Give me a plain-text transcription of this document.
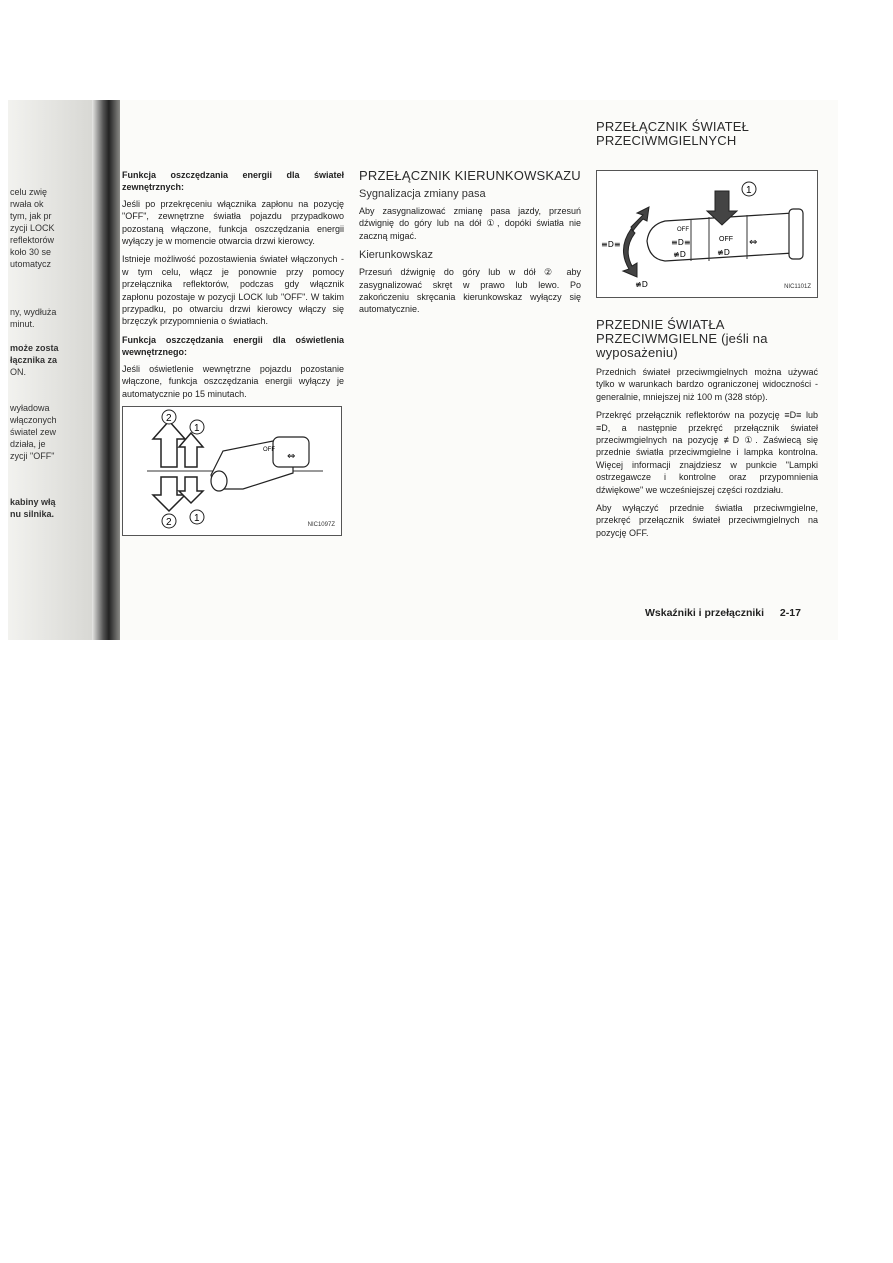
celu zwię
rwała ok
tym, jak pr
zycji LOCK
reflektorów
koło 30 se
utomatycz
ny, wydłuża
minut.
może zosta
łącznika za
ON.
wyładowa
włączonych
światel zew
działa, je
zycji "OFF"
kabiny włą
nu silnika.

Funkcja oszczędzania energii dla świateł zewnętrznych:

Jeśli po przekręceniu włącznika zapłonu na pozycję "OFF", zewnętrzne światła pojazdu przypadkowo pozostaną włączone, funkcja oszczędzania energii wyłączy je w momencie otwarcia drzwi kierowcy.

Istnieje możliwość pozostawienia świateł włączonych - w tym celu, włącz je ponownie przy pomocy przełącznika reflektorów, podczas gdy włącznik zapłonu pozostaje w pozycji LOCK lub "OFF". W takim przypadku, po otwarciu drzwi kierowcy włączy się brzęczyk przypomnienia o światłach.

Funkcja oszczędzania energii dla oświetlenia wewnętrznego:

Jeśli oświetlenie wewnętrzne pojazdu pozostanie włączone, funkcja oszczędzania energii wyłączy je automatycznie po 15 minutach.

OFF
⇔
2
1
2 1
NIC1097Z
PRZEŁĄCZNIK KIERUNKOWSKAZU
Sygnalizacja zmiany pasa

Aby zasygnalizować zmianę pasa jazdy, przesuń dźwignię do góry lub na dół ①, dopóki światła nie zaczną migać.

Kierunkowskaz

Przesuń dźwignię do góry lub w dół ② aby zasygnalizować skręt w prawo lub lewo. Po zakończeniu skręcania kierunkowskaz wyłączy się automatycznie.

PRZEŁĄCZNIK ŚWIATEŁ
PRZECIWMGIELNYCH
1
OFF
OFF
≡D≡	≡D≡
≢D	≢D
⇔
≢D	NIC1101Z
PRZEDNIE ŚWIATŁA
PRZECIWMGIELNE (jeśli na
wyposażeniu)

Przednich świateł przeciwmgielnych można używać tylko w warunkach bardzo ograniczonej widoczności - generalnie, mniejszej niż 100 m (328 stóp).

Przekręć przełącznik reflektorów na pozycję ≡D≡ lub ≡D, a następnie przekręć przełącznik świateł przeciwmgielnych na pozycję ≢D ①. Zaświecą się przednie światła przeciwmgielne i lampka kontrolna. Więcej informacji znajdziesz w punkcie "Lampki ostrzegawcze i kontrolne oraz przypomnienia dźwiękowe" we wcześniejszej części rozdziału.

Aby wyłączyć przednie światła przeciwmgielne, przekręć przełącznik świateł przeciwmgielnych na pozycję OFF.

Wskaźniki i przełączniki 2-17
